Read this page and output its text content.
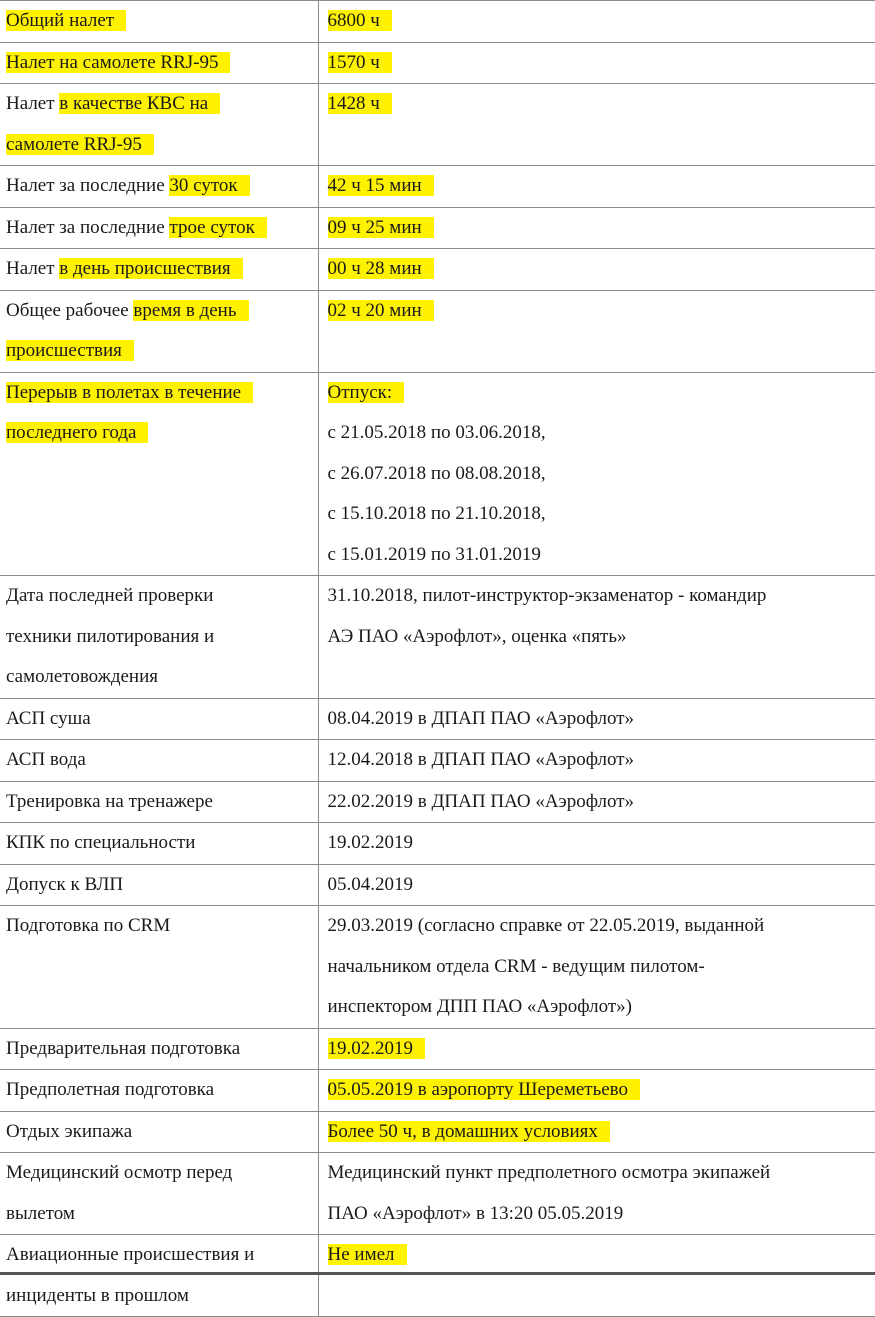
Общий налет	6800 ч

Налет на самолете RRJ-95	1570 ч

Налет в качестве КВС на
самолете RRJ-95	1428 ч

Налет за последние 30 суток	42 ч 15 мин

Налет за последние трое суток	09 ч 25 мин

Налет в день происшествия	00 ч 28 мин

Общее рабочее время в день
происшествия	02 ч 20 мин

Перерыв в полетах в течение
последнего года	Отпуск:
с 21.05.2018 по 03.06.2018,
с 26.07.2018 по 08.08.2018,
с 15.10.2018 по 21.10.2018,
с 15.01.2019 по 31.01.2019

Дата последней проверки
техники пилотирования и
самолетовождения	31.10.2018, пилот-инструктор-экзаменатор - командир
АЭ ПАО «Аэрофлот», оценка «пять»

АСП суша	08.04.2019 в ДПАП ПАО «Аэрофлот»

АСП вода	12.04.2018 в ДПАП ПАО «Аэрофлот»

Тренировка на тренажере	22.02.2019 в ДПАП ПАО «Аэрофлот»

КПК по специальности	19.02.2019

Допуск к ВЛП	05.04.2019

Подготовка по CRM	29.03.2019 (согласно справке от 22.05.2019, выданной
начальником отдела CRM - ведущим пилотом-
инспектором ДПП ПАО «Аэрофлот»)

Предварительная подготовка	19.02.2019

Предполетная подготовка	05.05.2019 в аэропорту Шереметьево

Отдых экипажа	Более 50 ч, в домашних условиях

Медицинский осмотр перед
вылетом	Медицинский пункт предполетного осмотра экипажей
ПАО «Аэрофлот» в 13:20 05.05.2019

Авиационные происшествия и
инциденты в прошлом	Не имел
